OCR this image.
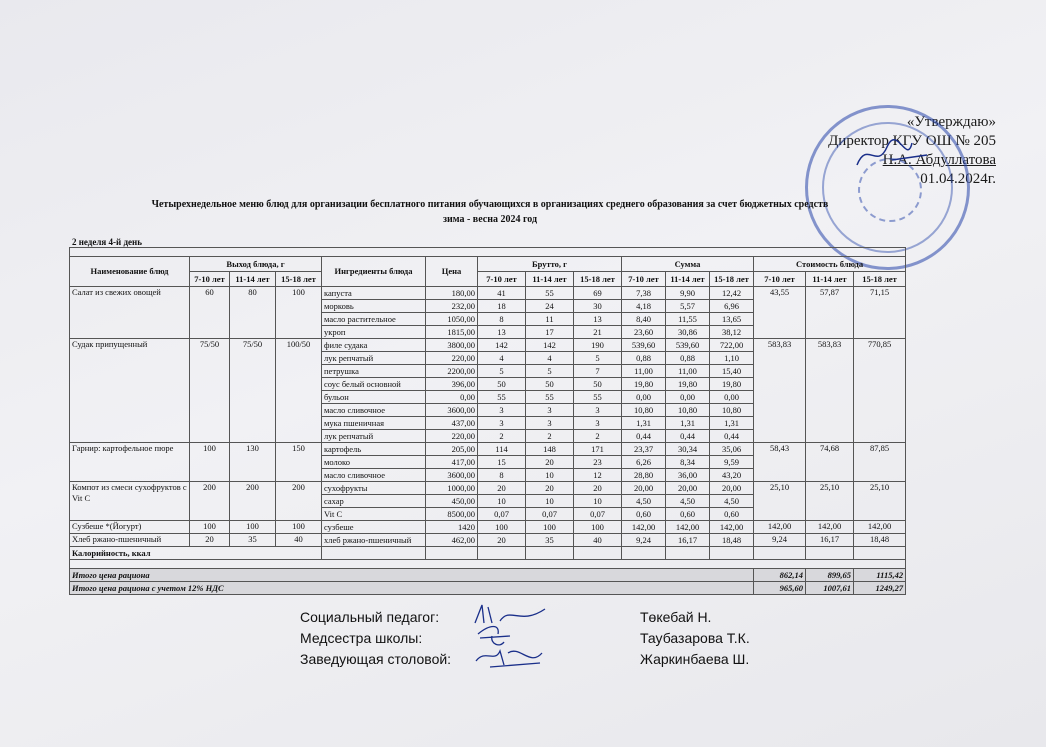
«Утверждаю»
Директор КГУ ОШ № 205
Н.А. Абдуллатова
01.04.2024г.
Четырехнедельное меню блюд для организации бесплатного питания обучающихся в организациях среднего образования за счет бюджетных средств
зима - весна 2024 год
2 неделя 4-й день

Наименование блюд	Выход блюда, г			Ингредиенты блюда	Цена	Брутто, г			Сумма			Стоимость блюда		
	7-10 лет	11-14 лет	15-18 лет			7-10 лет	11-14 лет	15-18 лет	7-10 лет	11-14 лет	15-18 лет	7-10 лет	11-14 лет	15-18 лет
Салат из свежих овощей	60	80	100	капуста	180,00	41	55	69	7,38	9,90	12,42	43,55	57,87	71,15
				морковь	232,00	18	24	30	4,18	5,57	6,96			
				масло растительное	1050,00	8	11	13	8,40	11,55	13,65			
				укроп	1815,00	13	17	21	23,60	30,86	38,12			
Судак припущенный	75/50	75/50	100/50	филе судака	3800,00	142	142	190	539,60	539,60	722,00	583,83	583,83	770,85
				лук репчатый	220,00	4	4	5	0,88	0,88	1,10			
				петрушка	2200,00	5	5	7	11,00	11,00	15,40			
				соус белый основной	396,00	50	50	50	19,80	19,80	19,80			
				бульон	0,00	55	55	55	0,00	0,00	0,00			
				масло сливочное	3600,00	3	3	3	10,80	10,80	10,80			
				мука пшеничная	437,00	3	3	3	1,31	1,31	1,31			
				лук репчатый	220,00	2	2	2	0,44	0,44	0,44			
Гарнир: картофельное пюре	100	130	150	картофель	205,00	114	148	171	23,37	30,34	35,06	58,43	74,68	87,85
				молоко	417,00	15	20	23	6,26	8,34	9,59			
				масло сливочное	3600,00	8	10	12	28,80	36,00	43,20			
Компот из смеси сухофруктов с Vit C	200	200	200	сухофрукты	1000,00	20	20	20	20,00	20,00	20,00	25,10	25,10	25,10
				сахар	450,00	10	10	10	4,50	4,50	4,50			
				Vit C	8500,00	0,07	0,07	0,07	0,60	0,60	0,60			
Сузбеше *(Йогурт)	100	100	100	сузбеше	1420	100	100	100	142,00	142,00	142,00	142,00	142,00	142,00
Хлеб ржано-пшеничный	20	35	40	хлеб ржано-пшеничный	462,00	20	35	40	9,24	16,17	18,48	9,24	16,17	18,48
Калорийность, ккал														

Итого цена рациона												862,14	899,65	1115,42
Итого цена рациона с учетом 12% НДС												965,60	1007,61	1249,27
Социальный педагог:	Төкебай Н.
Медсестра школы:	Таубазарова Т.К.
Заведующая столовой:	Жаркинбаева Ш.
